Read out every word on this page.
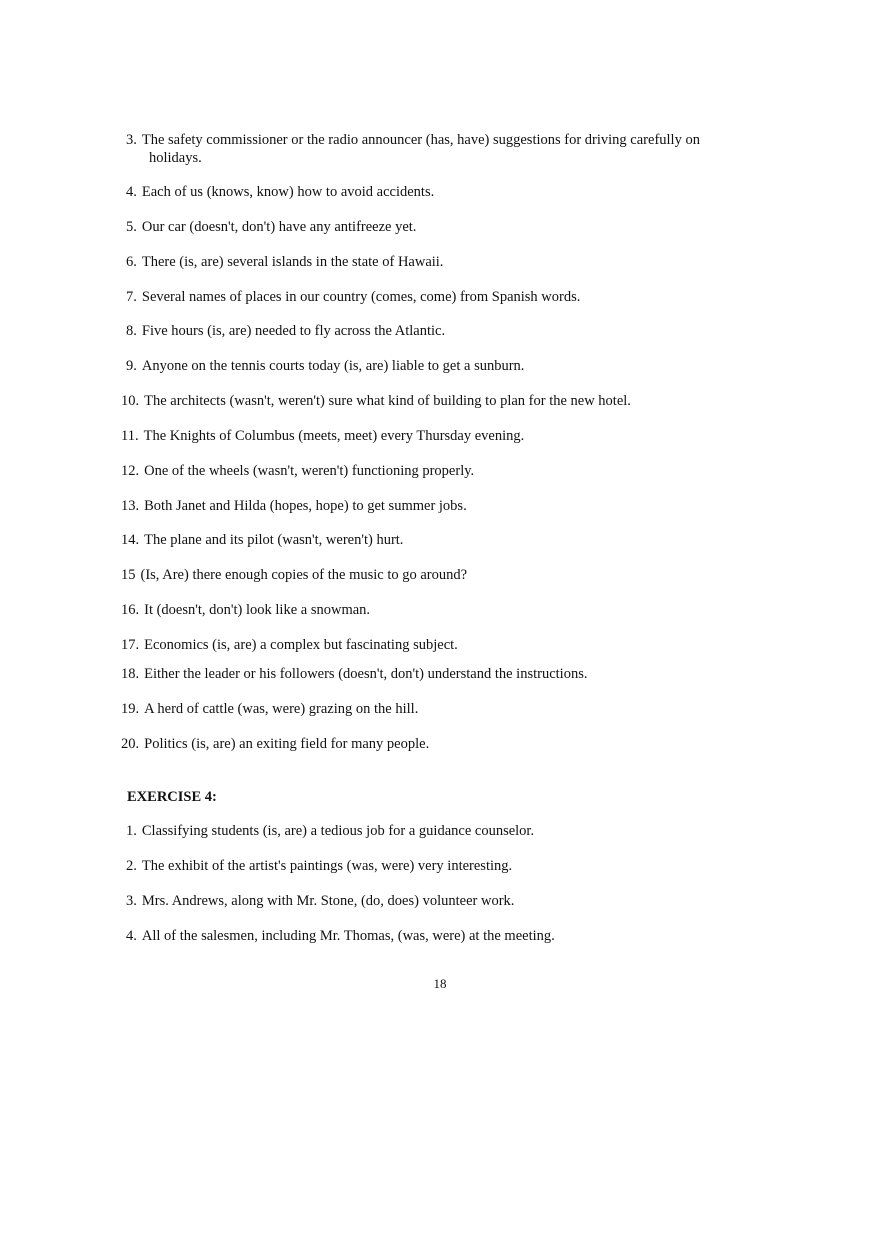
3. The safety commissioner or the radio announcer (has, have) suggestions for driving carefully on
holidays.
4. Each of us (knows, know) how to avoid accidents.
5. Our car (doesn't, don't) have any antifreeze yet.
6. There (is, are) several islands in the state of Hawaii.
7. Several names of places in our country (comes, come) from Spanish words.
8. Five hours (is, are) needed to fly across the Atlantic.
9. Anyone on the tennis courts today (is, are) liable to get a sunburn.
10. The architects (wasn't, weren't) sure what kind of building to plan for the new hotel.
11. The Knights of Columbus (meets, meet) every Thursday evening.
12. One of the wheels (wasn't, weren't) functioning properly.
13. Both Janet and Hilda (hopes, hope) to get summer jobs.
14. The plane and its pilot (wasn't, weren't) hurt.
15 (Is, Are) there enough copies of the music to go around?
16. It (doesn't, don't) look like a snowman.
17. Economics (is, are) a complex but fascinating subject.
18. Either the leader or his followers (doesn't, don't) understand the instructions.
19. A herd of cattle (was, were) grazing on the hill.
20. Politics (is, are) an exiting field for many people.
EXERCISE 4:
1. Classifying students (is, are) a tedious job for a guidance counselor.
2. The exhibit of the artist's paintings (was, were) very interesting.
3. Mrs. Andrews, along with Mr. Stone, (do, does) volunteer work.
4. All of the salesmen, including Mr. Thomas, (was, were) at the meeting.
18
